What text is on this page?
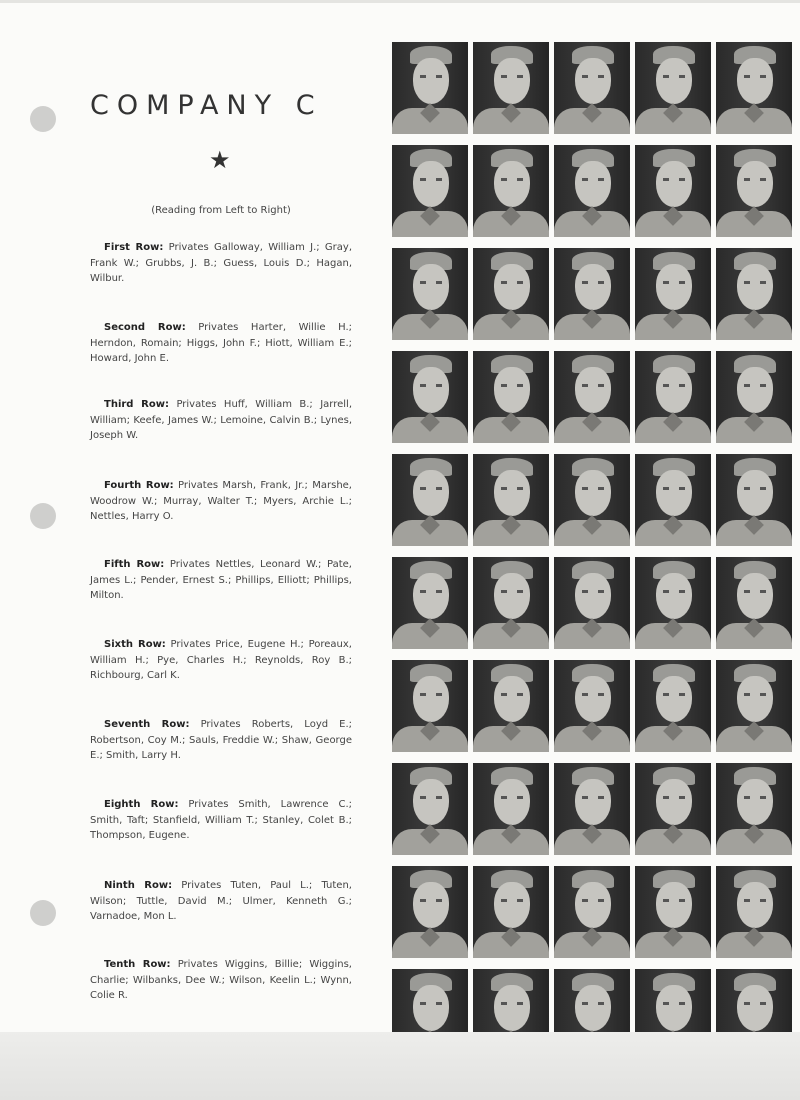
COMPANY C
★
(Reading from Left to Right)
First Row: Privates Galloway, William J.; Gray, Frank W.; Grubbs, J. B.; Guess, Louis D.; Hagan, Wilbur.
Second Row: Privates Harter, Willie H.; Herndon, Romain; Higgs, John F.; Hiott, William E.; Howard, John E.
Third Row: Privates Huff, William B.; Jarrell, William; Keefe, James W.; Lemoine, Calvin B.; Lynes, Joseph W.
Fourth Row: Privates Marsh, Frank, Jr.; Marshe, Woodrow W.; Murray, Walter T.; Myers, Archie L.; Nettles, Harry O.
Fifth Row: Privates Nettles, Leonard W.; Pate, James L.; Pender, Ernest S.; Phillips, Elliott; Phillips, Milton.
Sixth Row: Privates Price, Eugene H.; Poreaux, William H.; Pye, Charles H.; Reynolds, Roy B.; Richbourg, Carl K.
Seventh Row: Privates Roberts, Loyd E.; Robertson, Coy M.; Sauls, Freddie W.; Shaw, George E.; Smith, Larry H.
Eighth Row: Privates Smith, Lawrence C.; Smith, Taft; Stanfield, William T.; Stanley, Colet B.; Thompson, Eugene.
Ninth Row: Privates Tuten, Paul L.; Tuten, Wilson; Tuttle, David M.; Ulmer, Kenneth G.; Varnadoe, Mon L.
Tenth Row: Privates Wiggins, Billie; Wiggins, Charlie; Wilbanks, Dee W.; Wilson, Keelin L.; Wynn, Colie R.
